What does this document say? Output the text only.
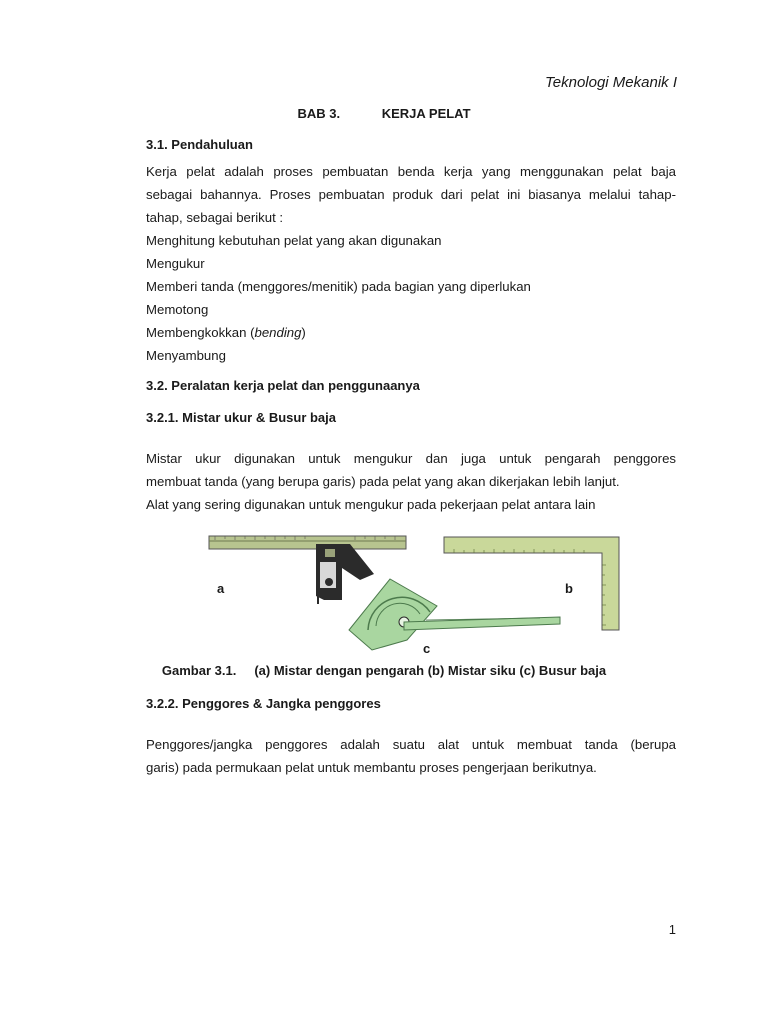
Teknologi Mekanik I
BAB 3.	KERJA PELAT

3.1. Pendahuluan

Kerja pelat adalah proses pembuatan benda kerja yang menggunakan pelat baja

sebagai bahannya. Proses pembuatan produk dari pelat ini biasanya melalui tahap-

tahap, sebagai berikut :

Menghitung kebutuhan pelat yang akan digunakan

Mengukur

Memberi tanda (menggores/menitik) pada bagian yang diperlukan

Memotong

Membengkokkan (bending)

Menyambung

3.2. Peralatan kerja pelat dan penggunaanya

3.2.1. Mistar ukur & Busur baja

Mistar ukur digunakan untuk mengukur dan juga untuk pengarah penggores

membuat tanda (yang berupa garis) pada pelat yang akan dikerjakan lebih lanjut.

Alat yang sering digunakan untuk mengukur pada pekerjaan pelat antara lain

a	b
c
Gambar 3.1. (a) Mistar dengan pengarah (b) Mistar siku (c) Busur baja

3.2.2. Penggores & Jangka penggores

Penggores/jangka penggores adalah suatu alat untuk membuat tanda (berupa

garis) pada permukaan pelat untuk membantu proses pengerjaan berikutnya.

1
